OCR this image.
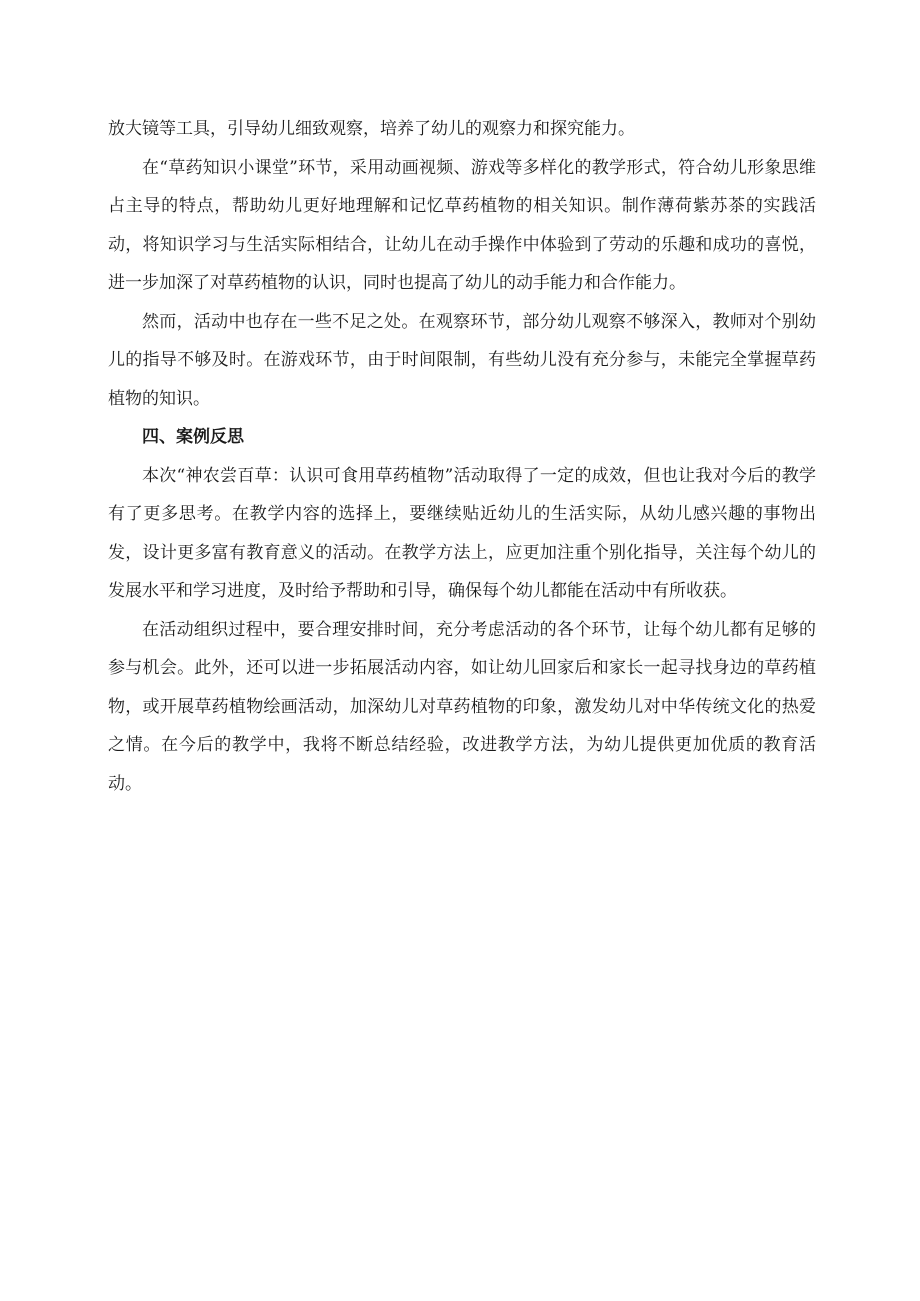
放大镜等工具，引导幼儿细致观察，培养了幼儿的观察力和探究能力。

在“草药知识小课堂”环节，采用动画视频、游戏等多样化的教学形式，符合幼儿形象思维占主导的特点，帮助幼儿更好地理解和记忆草药植物的相关知识。制作薄荷紫苏茶的实践活动，将知识学习与生活实际相结合，让幼儿在动手操作中体验到了劳动的乐趣和成功的喜悦，进一步加深了对草药植物的认识，同时也提高了幼儿的动手能力和合作能力。

然而，活动中也存在一些不足之处。在观察环节，部分幼儿观察不够深入，教师对个别幼儿的指导不够及时。在游戏环节，由于时间限制，有些幼儿没有充分参与，未能完全掌握草药植物的知识。

四、案例反思

本次“神农尝百草：认识可食用草药植物”活动取得了一定的成效，但也让我对今后的教学有了更多思考。在教学内容的选择上，要继续贴近幼儿的生活实际，从幼儿感兴趣的事物出发，设计更多富有教育意义的活动。在教学方法上，应更加注重个别化指导，关注每个幼儿的发展水平和学习进度，及时给予帮助和引导，确保每个幼儿都能在活动中有所收获。

在活动组织过程中，要合理安排时间，充分考虑活动的各个环节，让每个幼儿都有足够的参与机会。此外，还可以进一步拓展活动内容，如让幼儿回家后和家长一起寻找身边的草药植物，或开展草药植物绘画活动，加深幼儿对草药植物的印象，激发幼儿对中华传统文化的热爱之情。在今后的教学中，我将不断总结经验，改进教学方法，为幼儿提供更加优质的教育活动。
